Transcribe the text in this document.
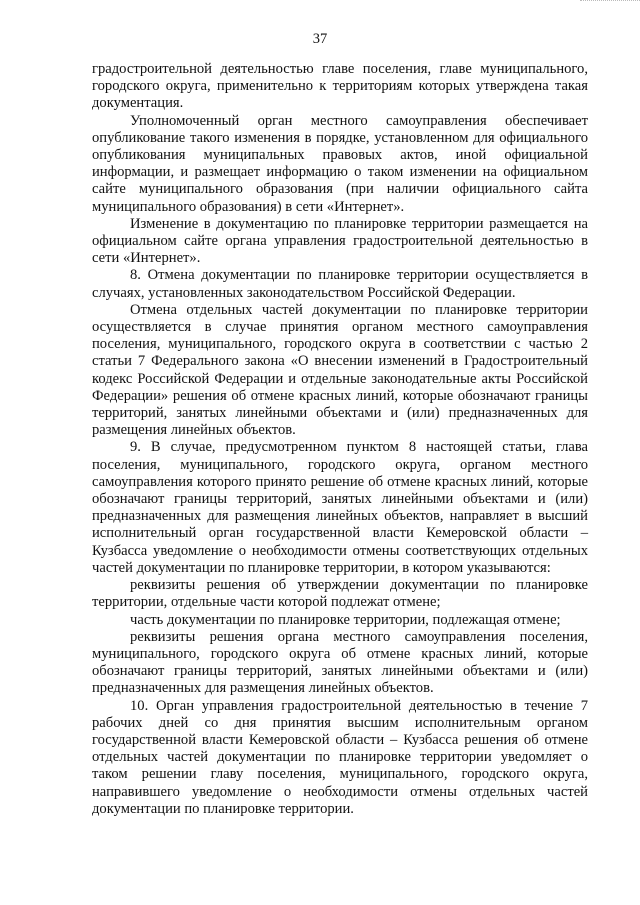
37

градостроительной деятельностью главе поселения, главе муниципального, городского округа, применительно к территориям которых утверждена такая документация.

Уполномоченный орган местного самоуправления обеспечивает опубликование такого изменения в порядке, установленном для официального опубликования муниципальных правовых актов, иной официальной информации, и размещает информацию о таком изменении на официальном сайте муниципального образования (при наличии официального сайта муниципального образования) в сети «Интернет».

Изменение в документацию по планировке территории размещается на официальном сайте органа управления градостроительной деятельностью в сети «Интернет».

8. Отмена документации по планировке территории осуществляется в случаях, установленных законодательством Российской Федерации.

Отмена отдельных частей документации по планировке территории осуществляется в случае принятия органом местного самоуправления поселения, муниципального, городского округа в соответствии с частью 2 статьи 7 Федерального закона «О внесении изменений в Градостроительный кодекс Российской Федерации и отдельные законодательные акты Российской Федерации» решения об отмене красных линий, которые обозначают границы территорий, занятых линейными объектами и (или) предназначенных для размещения линейных объектов.

9. В случае, предусмотренном пунктом 8 настоящей статьи, глава поселения, муниципального, городского округа, органом местного самоуправления которого принято решение об отмене красных линий, которые обозначают границы территорий, занятых линейными объектами и (или) предназначенных для размещения линейных объектов, направляет в высший исполнительный орган государственной власти Кемеровской области – Кузбасса уведомление о необходимости отмены соответствующих отдельных частей документации по планировке территории, в котором указываются:

реквизиты решения об утверждении документации по планировке территории, отдельные части которой подлежат отмене;

часть документации по планировке территории, подлежащая отмене;

реквизиты решения органа местного самоуправления поселения, муниципального, городского округа об отмене красных линий, которые обозначают границы территорий, занятых линейными объектами и (или) предназначенных для размещения линейных объектов.

10. Орган управления градостроительной деятельностью в течение 7 рабочих дней со дня принятия высшим исполнительным органом государственной власти Кемеровской области – Кузбасса решения об отмене отдельных частей документации по планировке территории уведомляет о таком решении главу поселения, муниципального, городского округа, направившего уведомление о необходимости отмены отдельных частей документации по планировке территории.
